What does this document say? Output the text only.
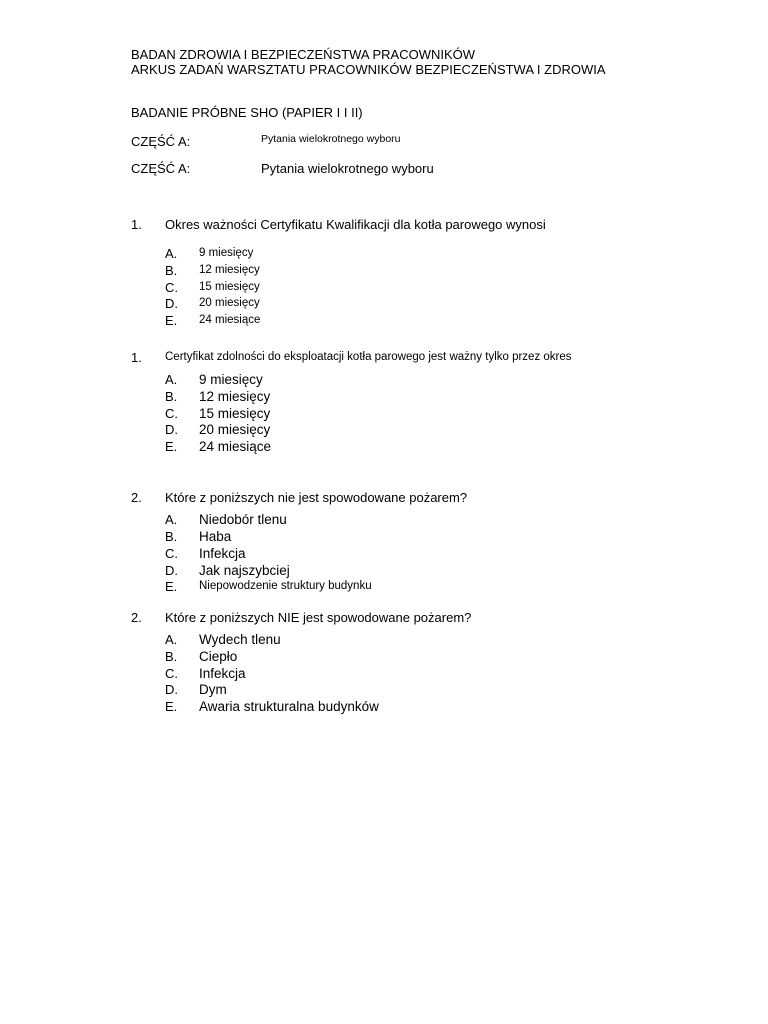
BADAN ZDROWIA I BEZPIECZEŃSTWA PRACOWNIKÓW
ARKUS ZADAŃ WARSZTATU PRACOWNIKÓW BEZPIECZEŃSTWA I ZDROWIA
BADANIE PRÓBNE SHO (PAPIER I I II)
CZĘŚĆ A:	Pytania wielokrotnego wyboru
CZĘŚĆ A:	Pytania wielokrotnego wyboru
1. Okres ważności Certyfikatu Kwalifikacji dla kotła parowego wynosi
A. 9 miesięcy
B. 12 miesięcy
C. 15 miesięcy
D. 20 miesięcy
E. 24 miesiące
1. Certyfikat zdolności do eksploatacji kotła parowego jest ważny tylko przez okres
A. 9 miesięcy
B. 12 miesięcy
C. 15 miesięcy
D. 20 miesięcy
E. 24 miesiące
2. Które z poniższych nie jest spowodowane pożarem?
A. Niedobór tlenu
B. Haba
C. Infekcja
D. Jak najszybciej
E. Niepowodzenie struktury budynku
2. Które z poniższych NIE jest spowodowane pożarem?
A. Wydech tlenu
B. Ciepło
C. Infekcja
D. Dym
E. Awaria strukturalna budynków
